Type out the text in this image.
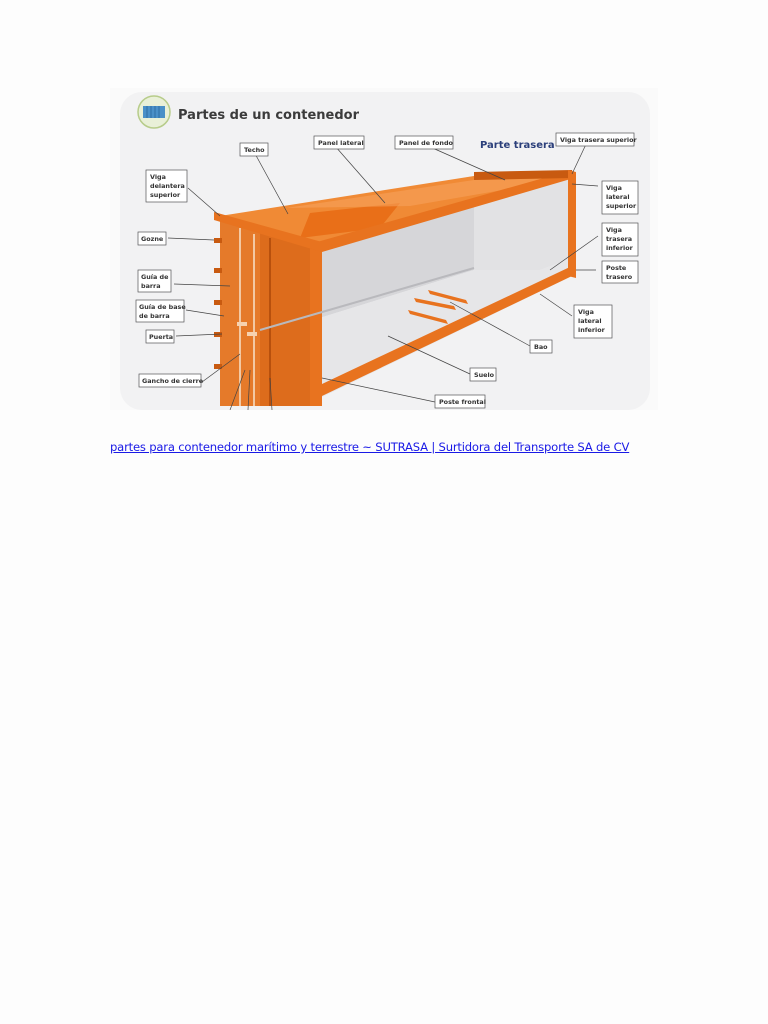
Partes de un contenedor
Parte trasera
Techo
Panel lateral	Panel de fondo	Viga trasera superior
Viga
delantera
superior
Gozne
Guía de
barra
Guía de base
de barra
Puerta
Gancho de cierre
Viga
lateral
superior
Viga
trasera
inferior
Poste
trasero
Viga
lateral
inferior
Bao
Suelo
Poste frontal
partes para contenedor marítimo y terrestre ~ SUTRASA | Surtidora del Transporte SA de CV
